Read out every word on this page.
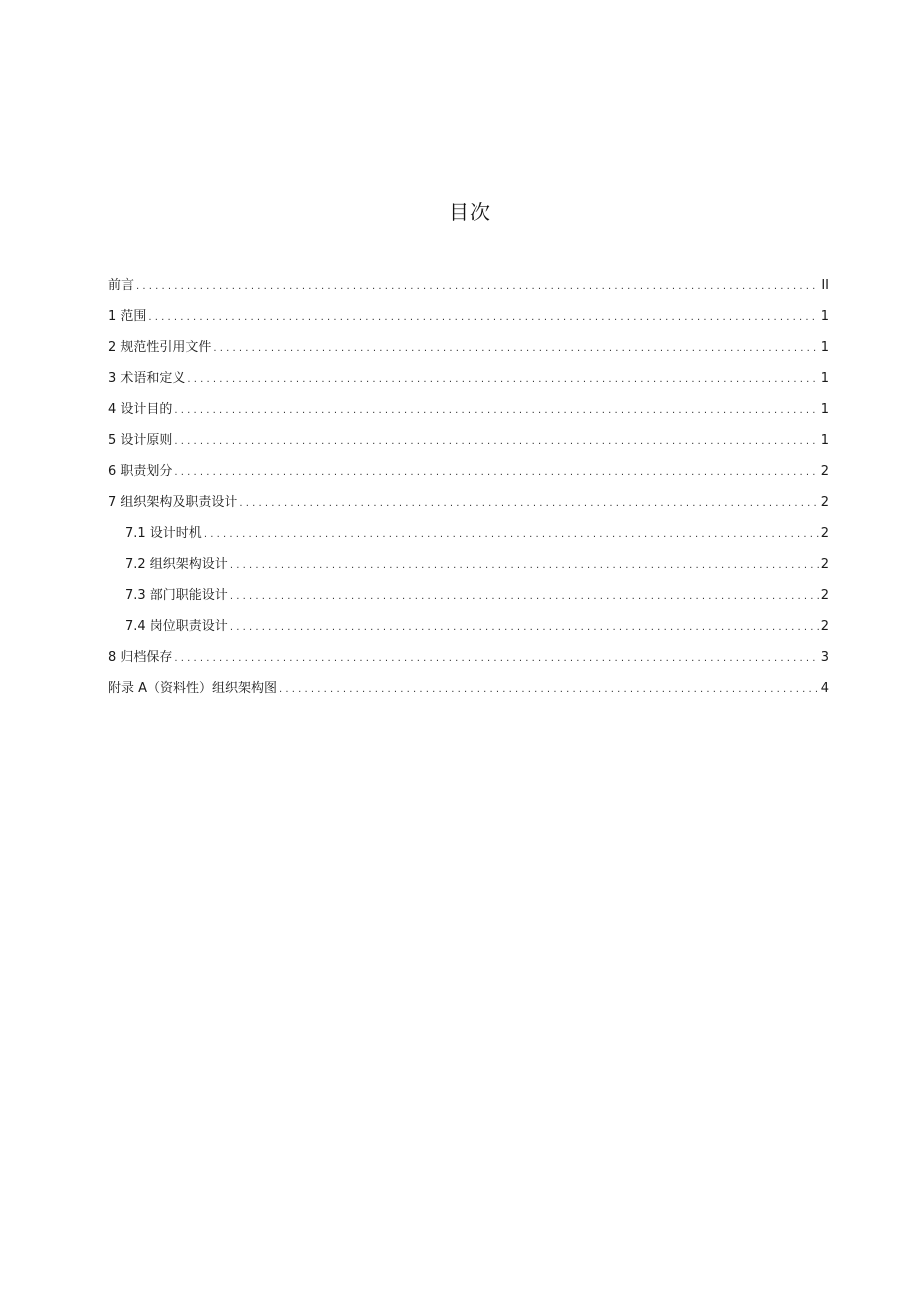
目次
前言 .....	II
1 范围 .....	1
2 规范性引用文件 .....	1
3 术语和定义 .....	1
4 设计目的 .....	1
5 设计原则 .....	1
6 职责划分 .....	2
7 组织架构及职责设计 .....	2
7.1 设计时机 .....	2
7.2 组织架构设计 .....	2
7.3 部门职能设计 .....	2
7.4 岗位职责设计 .....	2
8 归档保存 .....	3
附录 A（资料性）组织架构图 .....	4
